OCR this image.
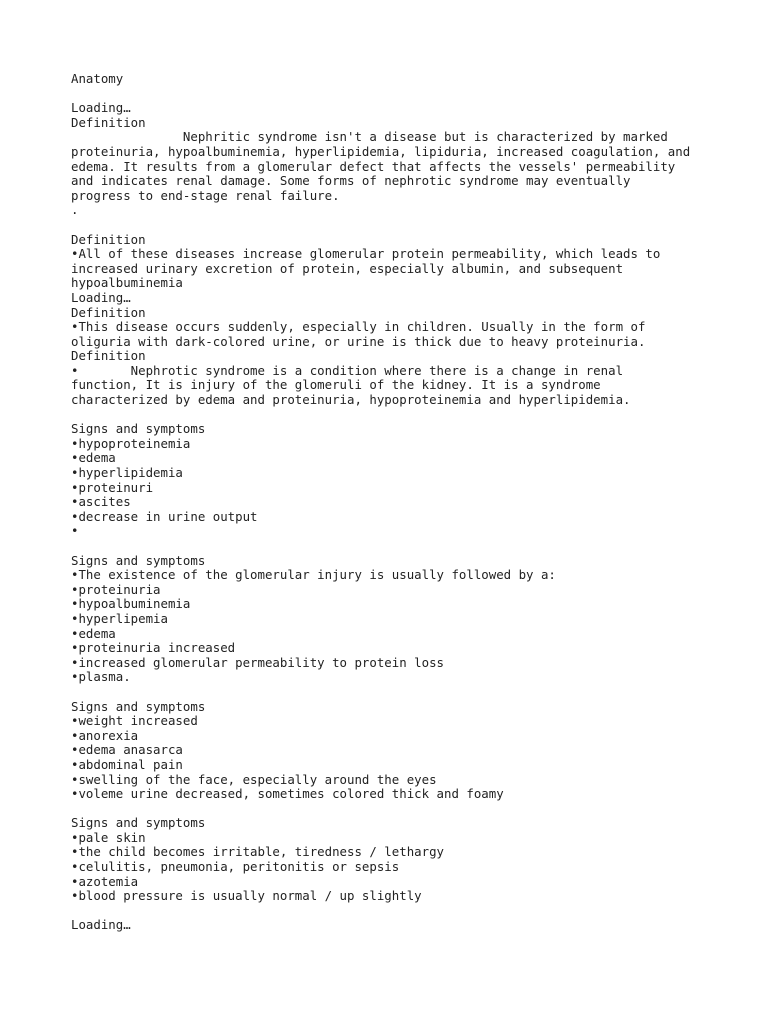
Anatomy
Loading…
Definition
Nephritic syndrome isn't a disease but is characterized by marked
proteinuria, hypoalbuminemia, hyperlipidemia, lipiduria, increased coagulation, and
edema. It results from a glomerular defect that affects the vessels' permeability
and indicates renal damage. Some forms of nephrotic syndrome may eventually
progress to end-stage renal failure.
.
Definition
•All of these diseases increase glomerular protein permeability, which leads to
increased urinary excretion of protein, especially albumin, and subsequent
hypoalbuminemia
Loading…
Definition
•This disease occurs suddenly, especially in children. Usually in the form of
oliguria with dark-colored urine, or urine is thick due to heavy proteinuria.
Definition
•       Nephrotic syndrome is a condition where there is a change in renal
function, It is injury of the glomeruli of the kidney. It is a syndrome
characterized by edema and proteinuria, hypoproteinemia and hyperlipidemia.
Signs and symptoms
•hypoproteinemia
•edema
•hyperlipidemia
•proteinuri
•ascites
•decrease in urine output
•
Signs and symptoms
•The existence of the glomerular injury is usually followed by a:
•proteinuria
•hypoalbuminemia
•hyperlipemia
•edema
•proteinuria increased
•increased glomerular permeability to protein loss
•plasma.
Signs and symptoms
•weight increased
•anorexia
•edema anasarca
•abdominal pain
•swelling of the face, especially around the eyes
•voleme urine decreased, sometimes colored thick and foamy
Signs and symptoms
•pale skin
•the child becomes irritable, tiredness / lethargy
•celulitis, pneumonia, peritonitis or sepsis
•azotemia
•blood pressure is usually normal / up slightly
Loading…
